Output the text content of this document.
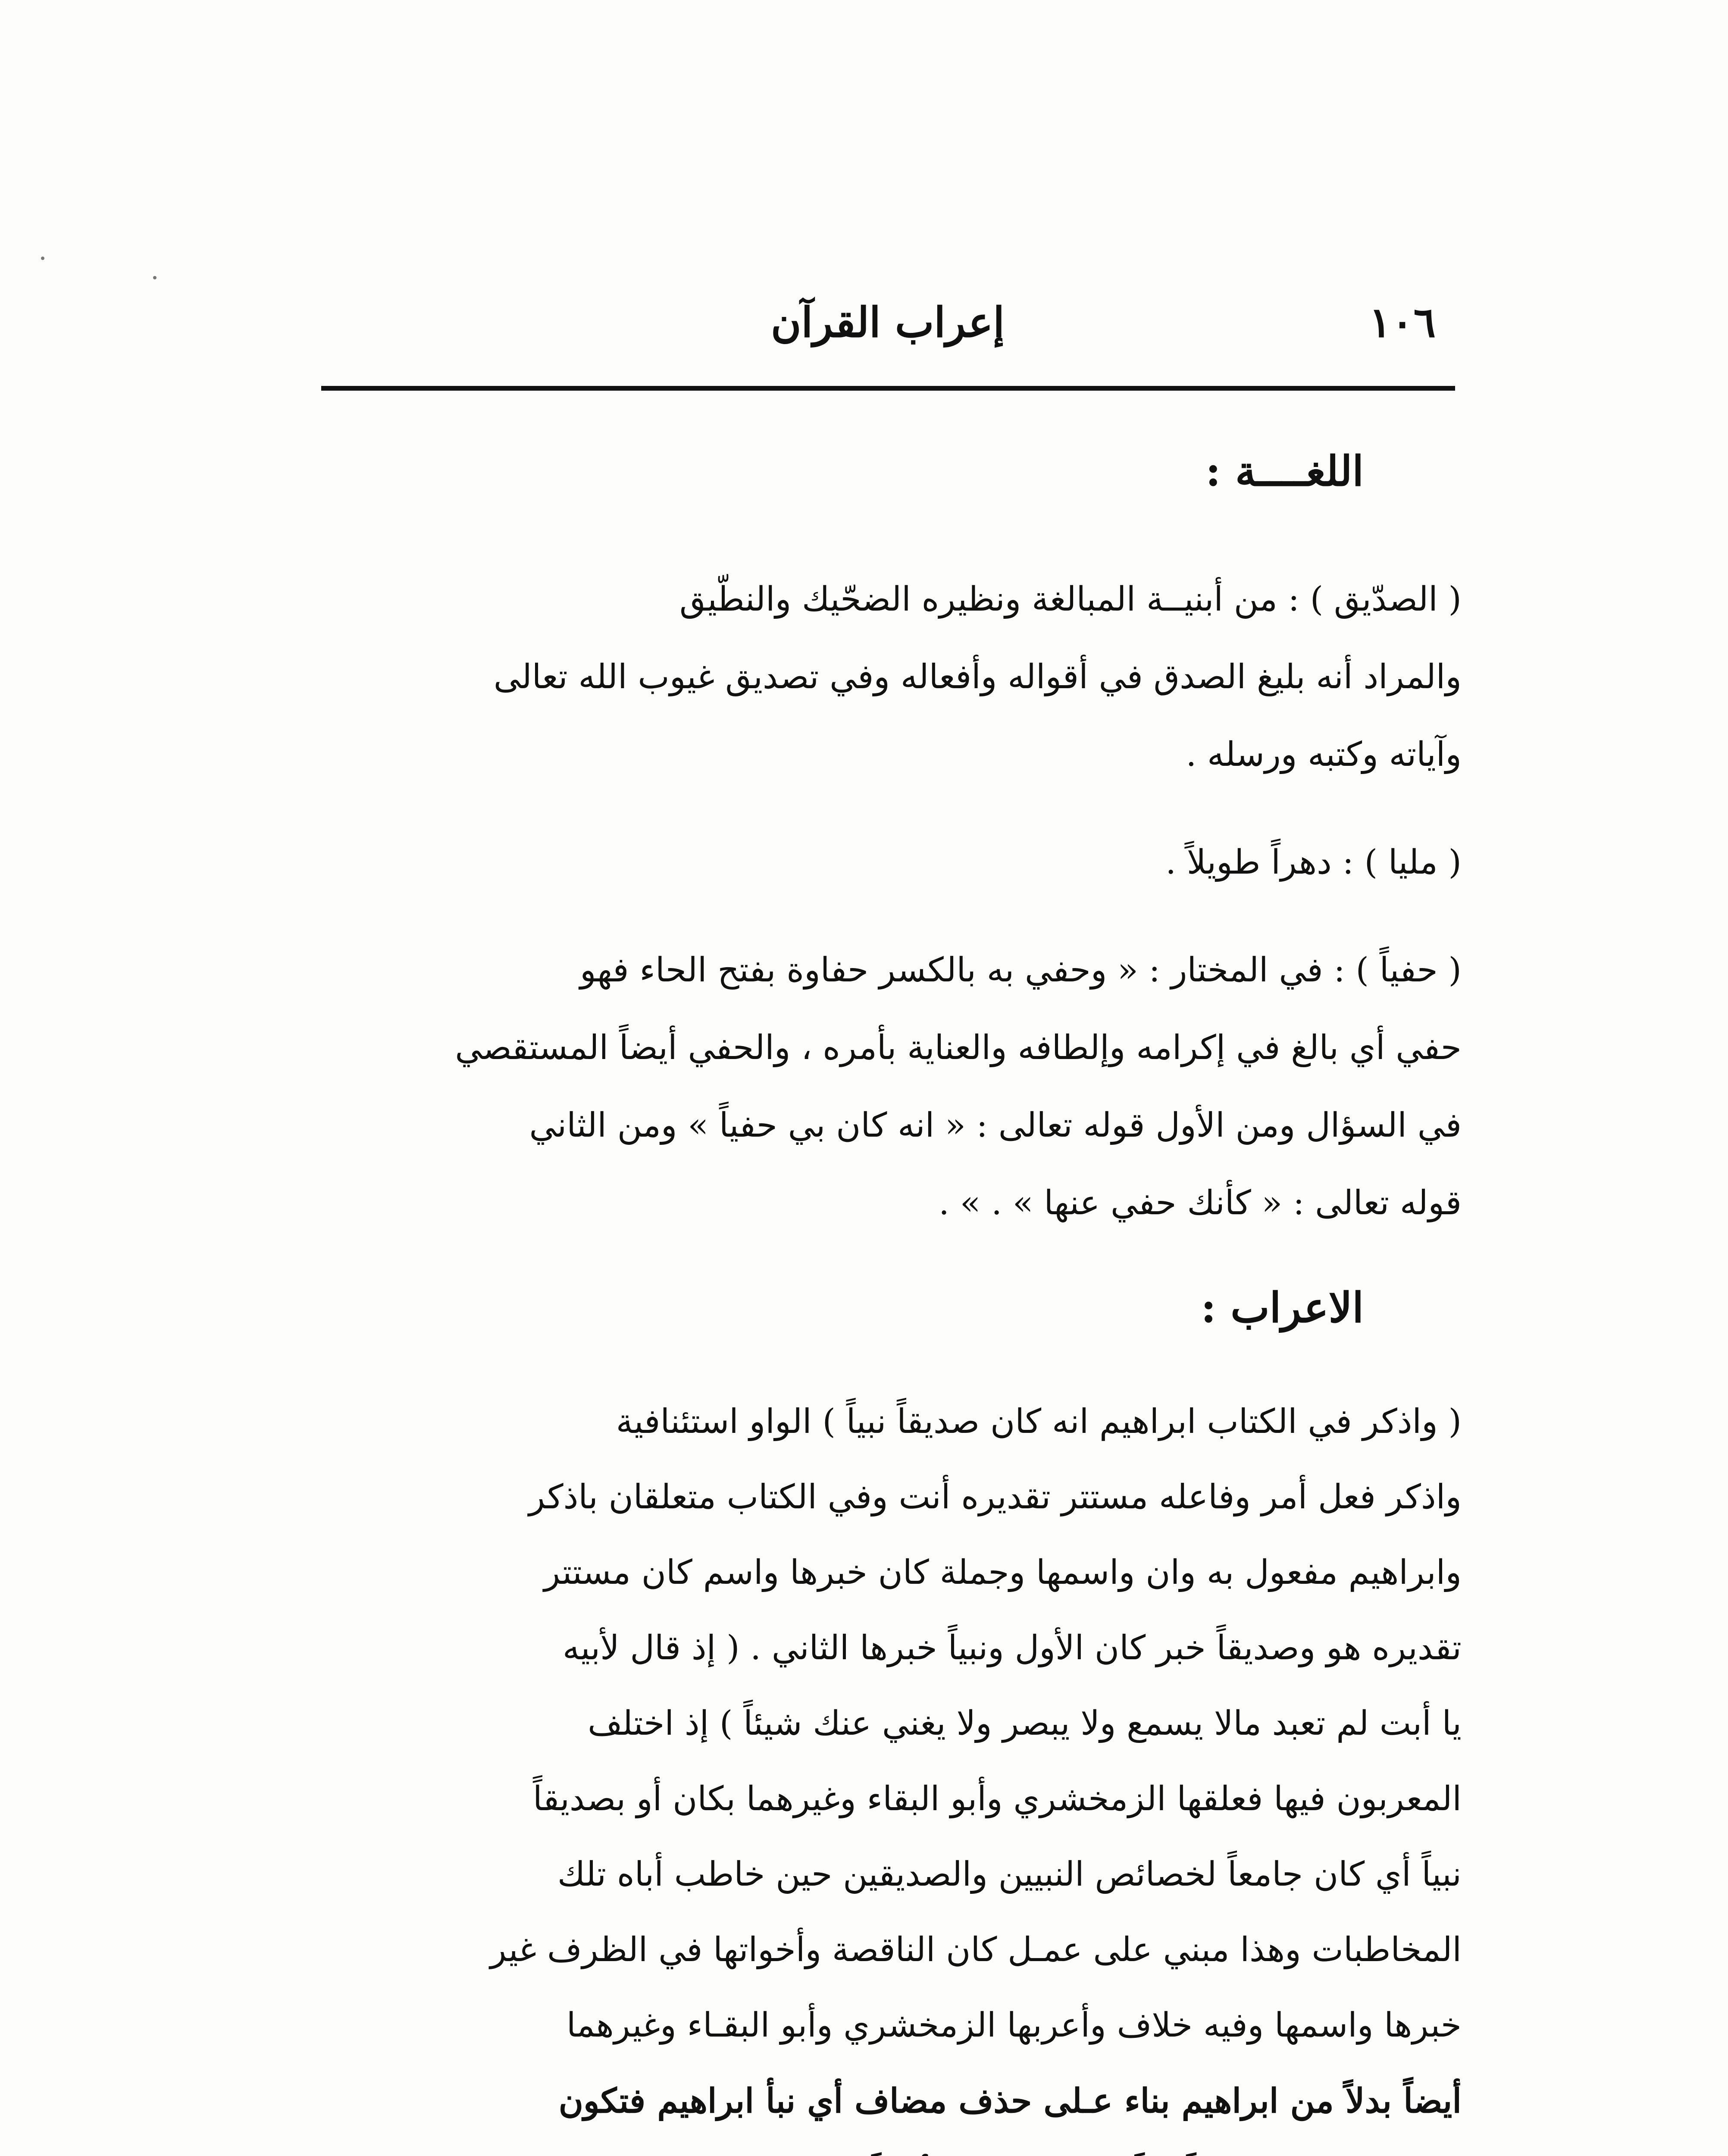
١٠٦
إعراب القرآن
اللغــــة :
( الصدّيق ) : من أبنيــة المبالغة ونظيره الضحّيك والنطّيق
والمراد أنه بليغ الصدق في أقواله وأفعاله وفي تصديق غيوب الله تعالى
وآياته وكتبه ورسله .
( مليا ) : دهراً طويلاً .
( حفياً ) : في المختار : « وحفي به بالكسر حفاوة بفتح الحاء فهو
حفي أي بالغ في إكرامه وإلطافه والعناية بأمره ، والحفي أيضاً المستقصي
في السؤال ومن الأول قوله تعالى : « انه كان بي حفياً » ومن الثاني
قوله تعالى : « كأنك حفي عنها » . » .
الاعراب :
( واذكر في الكتاب ابراهيم انه كان صديقاً نبياً ) الواو استئنافية
واذكر فعل أمر وفاعله مستتر تقديره أنت وفي الكتاب متعلقان باذكر
وابراهيم مفعول به وان واسمها وجملة كان خبرها واسم كان مستتر
تقديره هو وصديقاً خبر كان الأول ونبياً خبرها الثاني . ( إذ قال لأبيه
يا أبت لم تعبد مالا يسمع ولا يبصر ولا يغني عنك شيئاً ) إذ اختلف
المعربون فيها فعلقها الزمخشري وأبو البقاء وغيرهما بكان أو بصديقاً
نبياً أي كان جامعاً لخصائص النبيين والصديقين حين خاطب أباه تلك
المخاطبات وهذا مبني على عمـل كان الناقصة وأخواتها في الظرف غير
خبرها واسمها وفيه خلاف وأعربها الزمخشري وأبو البقـاء وغيرهما
أيضاً بدلاً من ابراهيم بناء عـلى حذف مضاف أي نبأ ابراهيم فتكون
